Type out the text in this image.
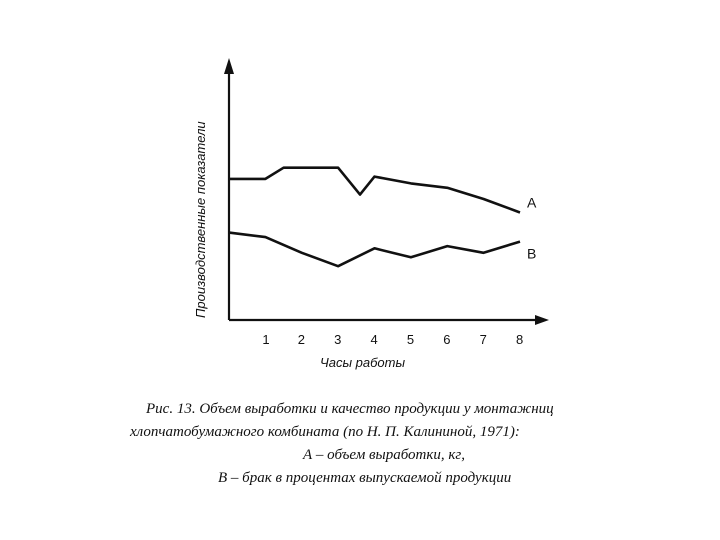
А
В
1 2 3 4 5 6 7 8
Часы работы
Производственные показатели
Рис. 13. Объем выработки и качество продукции у монтажниц
хлопчатобумажного комбината (по Н. П. Калининой, 1971):
А – объем выработки, кг,
В – брак в процентах выпускаемой продукции
